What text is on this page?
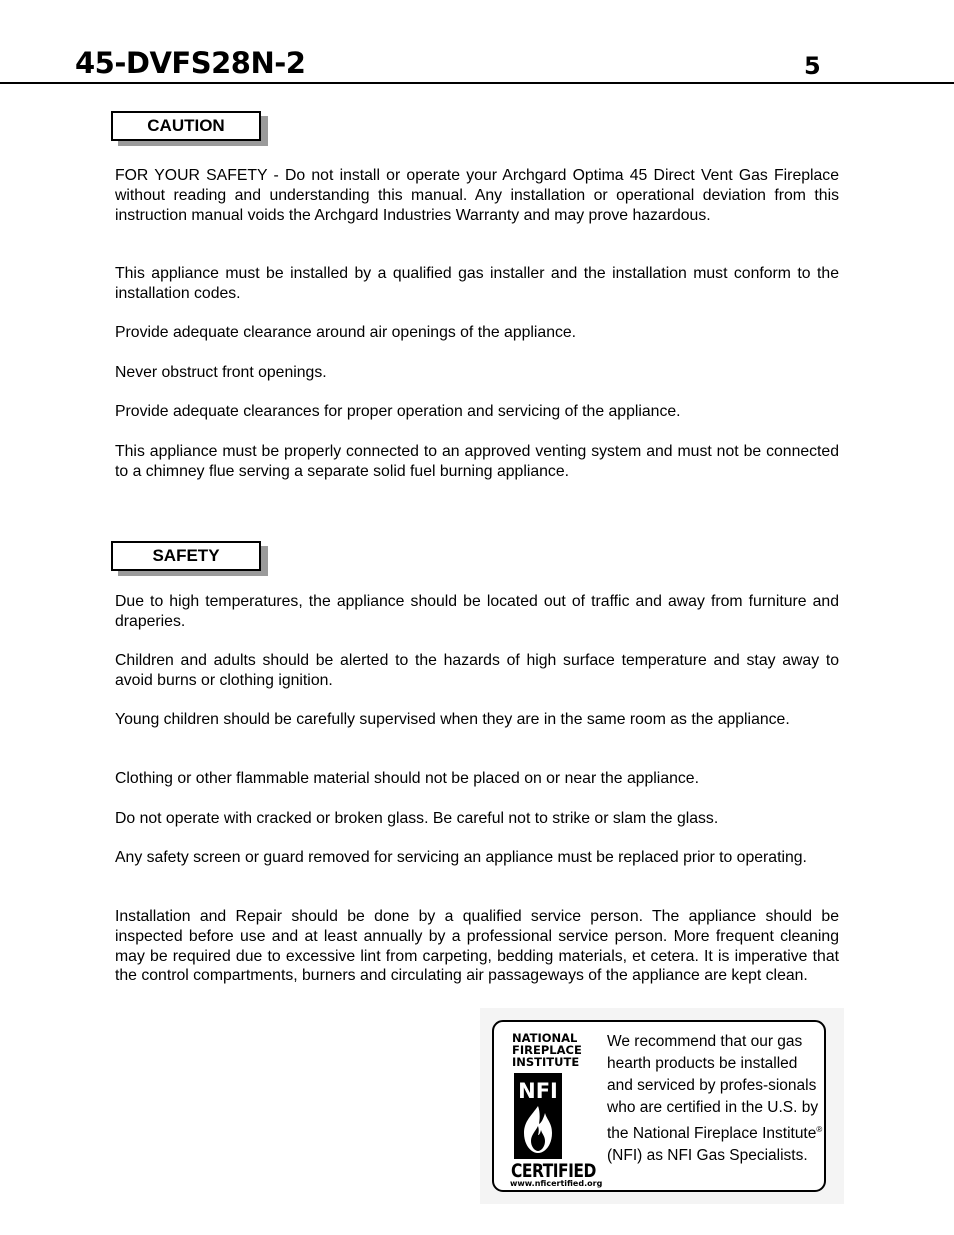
45-DVFS28N-2	5
CAUTION

FOR YOUR SAFETY - Do not install or operate your Archgard Optima 45 Direct Vent Gas Fireplace without reading and understanding this manual. Any installation or operational deviation from this instruction manual voids the Archgard Industries Warranty and may prove hazardous.

This appliance must be installed by a qualified gas installer and the installation must conform to the installation codes.

Provide adequate clearance around air openings of the appliance.

Never obstruct front openings.

Provide adequate clearances for proper operation and servicing of the appliance.

This appliance must be properly connected to an approved venting system and must not be connected to a chimney flue serving a separate solid fuel burning appliance.

SAFETY

Due to high temperatures, the appliance should be located out of traffic and away from furniture and draperies.

Children and adults should be alerted to the hazards of high surface temperature and stay away to avoid burns or clothing ignition.

Young children should be carefully supervised when they are in the same room as the appliance.

Clothing or other flammable material should not be placed on or near the appliance.

Do not operate with cracked or broken glass. Be careful not to strike or slam the glass.

Any safety screen or guard removed for servicing an appliance must be replaced prior to operating.

Installation and Repair should be done by a qualified service person. The appliance should be inspected before use and at least annually by a professional service person. More frequent cleaning may be required due to excessive lint from carpeting, bedding materials, et cetera. It is imperative that the control compartments, burners and circulating air passageways of the appliance are kept clean.

NATIONAL
FIREPLACE
INSTITUTE
NFI
CERTIFIED
www.nficertified.org
We recommend that our gas hearth products be installed and serviced by profes-sionals who are certified in the U.S. by the National Fireplace Institute® (NFI) as NFI Gas Specialists.
